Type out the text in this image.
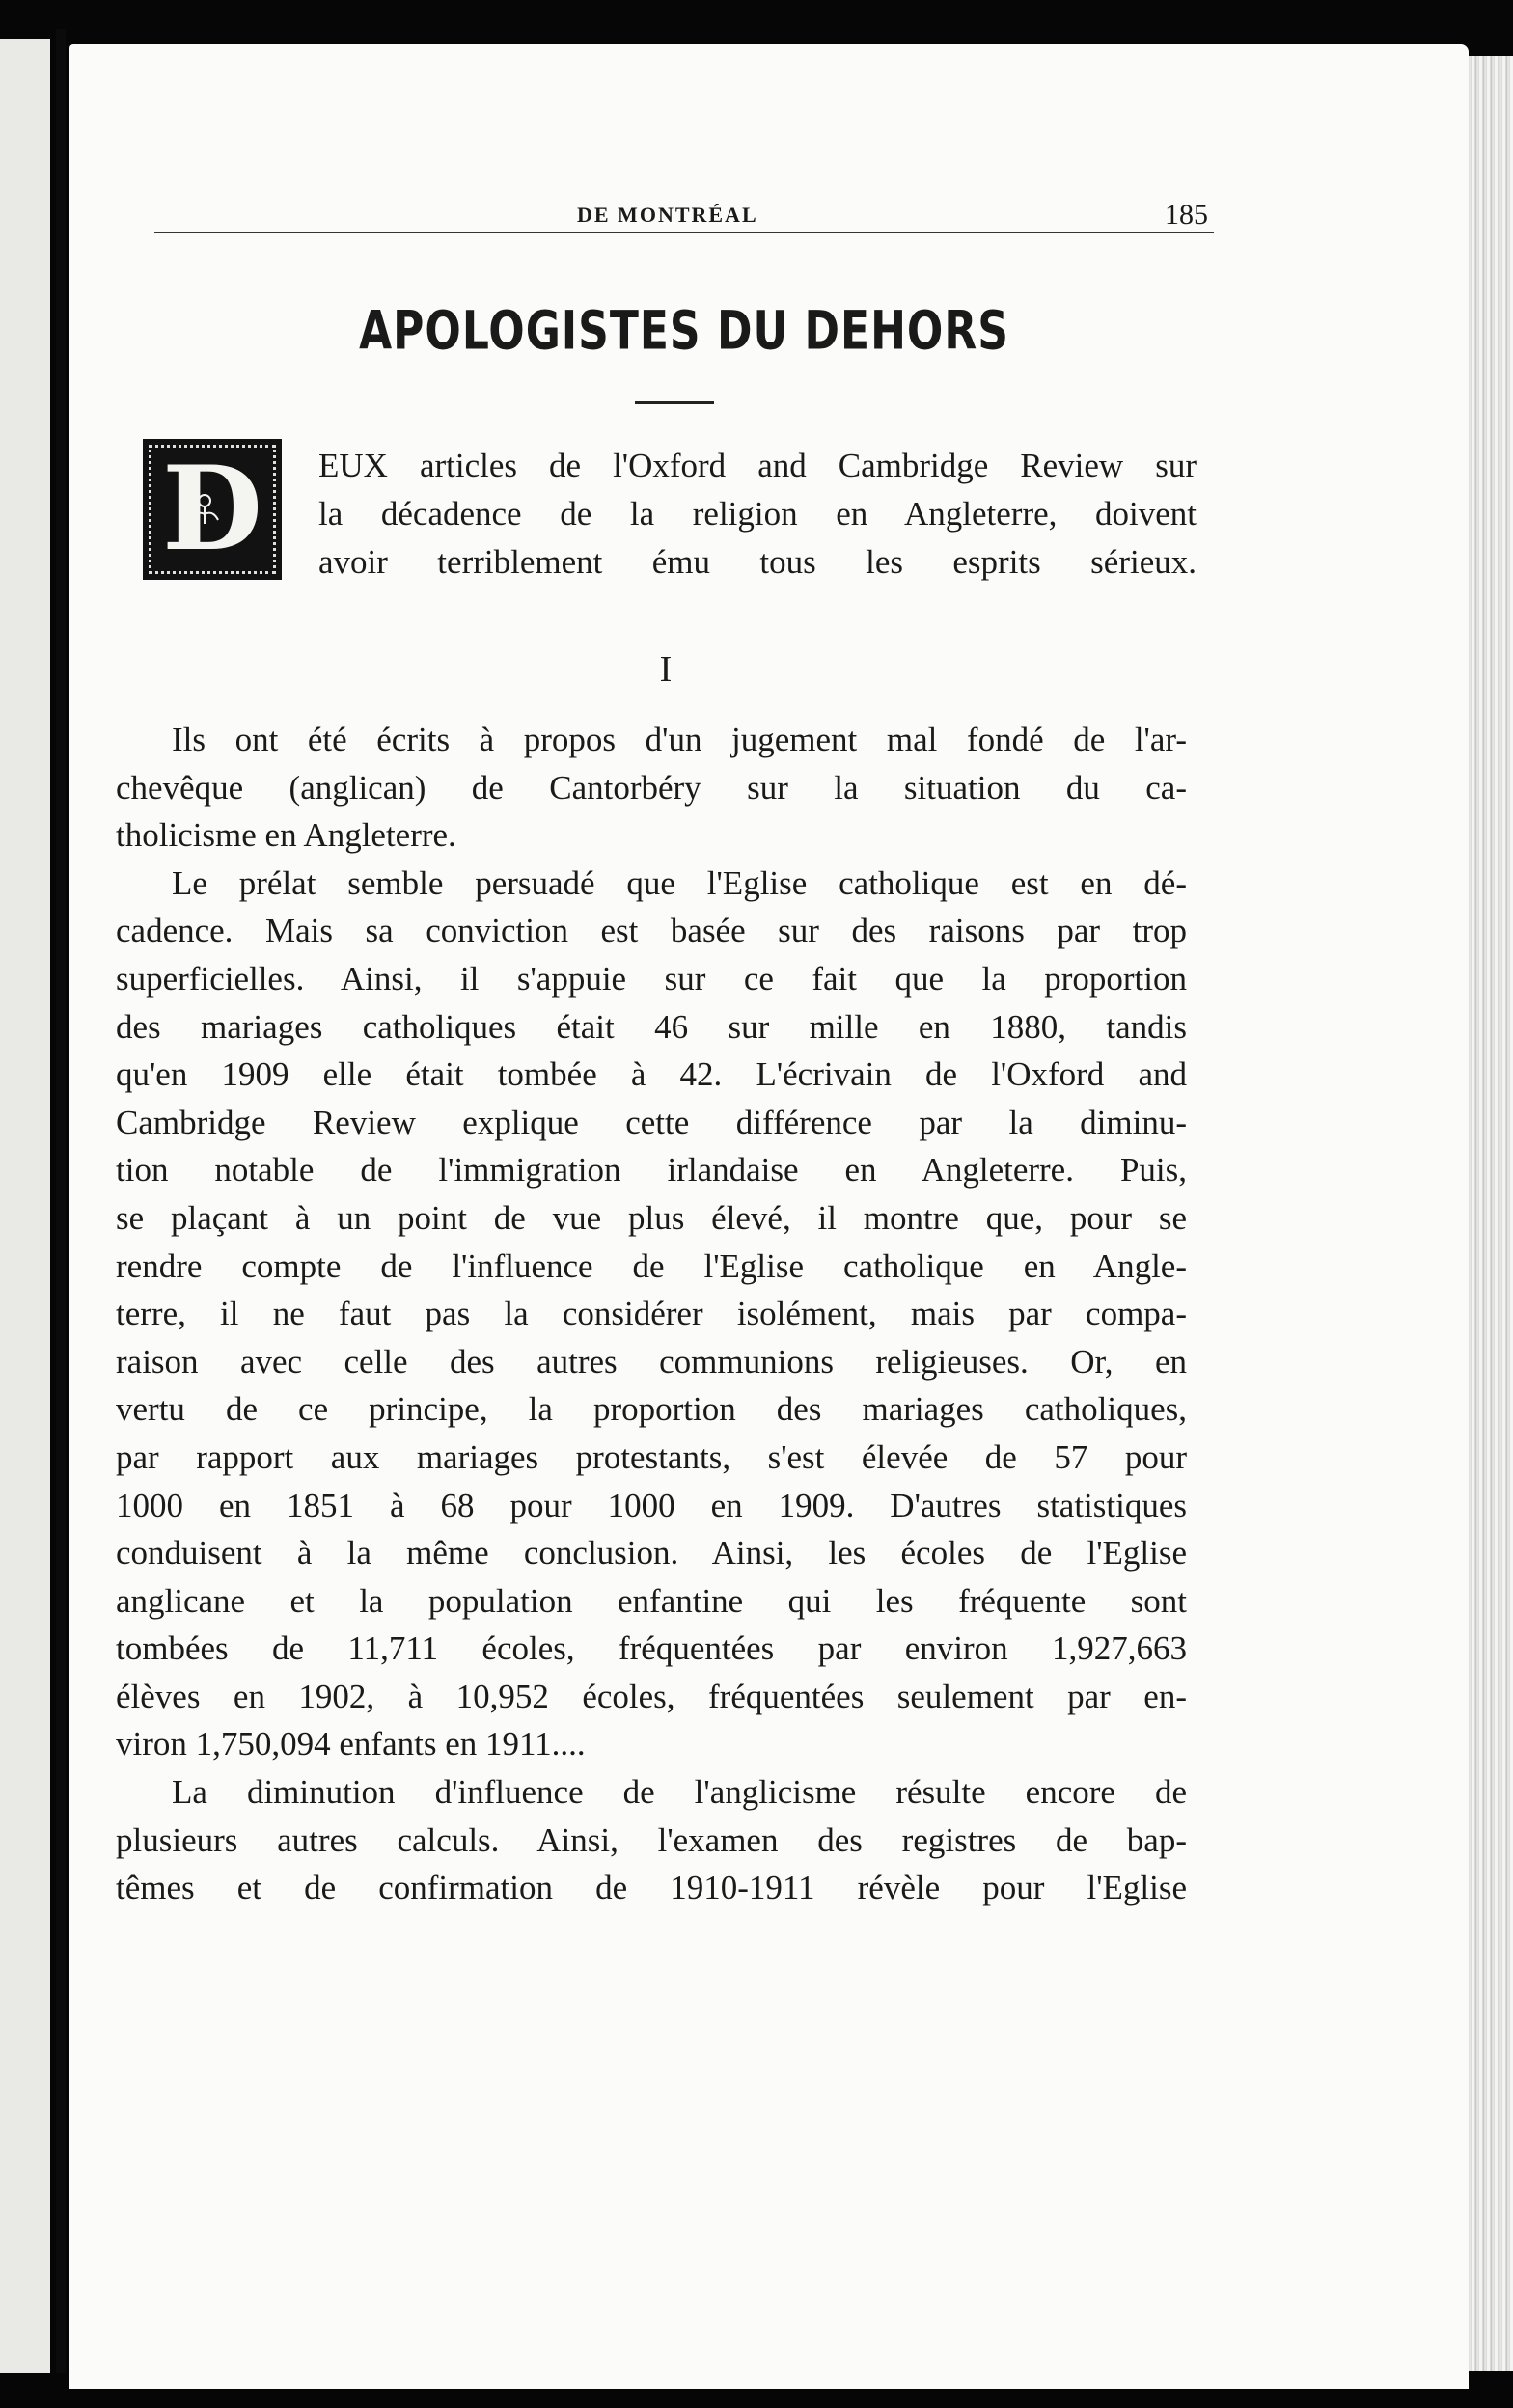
DE MONTRÉAL	185

APOLOGISTES DU DEHORS
D EUX articles de l'Oxford and Cambridge Review sur

la décadence de la religion en Angleterre, doivent

avoir terriblement ému tous les esprits sérieux.

I

Ils ont été écrits à propos d'un jugement mal fondé de l'ar-

chevêque (anglican) de Cantorbéry sur la situation du ca-

tholicisme en Angleterre.

Le prélat semble persuadé que l'Eglise catholique est en dé-

cadence. Mais sa conviction est basée sur des raisons par trop

superficielles. Ainsi, il s'appuie sur ce fait que la proportion

des mariages catholiques était 46 sur mille en 1880, tandis

qu'en 1909 elle était tombée à 42. L'écrivain de l'Oxford and

Cambridge Review explique cette différence par la diminu-

tion notable de l'immigration irlandaise en Angleterre. Puis,

se plaçant à un point de vue plus élevé, il montre que, pour se

rendre compte de l'influence de l'Eglise catholique en Angle-

terre, il ne faut pas la considérer isolément, mais par compa-

raison avec celle des autres communions religieuses. Or, en

vertu de ce principe, la proportion des mariages catholiques,

par rapport aux mariages protestants, s'est élevée de 57 pour

1000 en 1851 à 68 pour 1000 en 1909. D'autres statistiques

conduisent à la même conclusion. Ainsi, les écoles de l'Eglise

anglicane et la population enfantine qui les fréquente sont

tombées de 11,711 écoles, fréquentées par environ 1,927,663

élèves en 1902, à 10,952 écoles, fréquentées seulement par en-

viron 1,750,094 enfants en 1911....

La diminution d'influence de l'anglicisme résulte encore de

plusieurs autres calculs. Ainsi, l'examen des registres de bap-

têmes et de confirmation de 1910-1911 révèle pour l'Eglise
